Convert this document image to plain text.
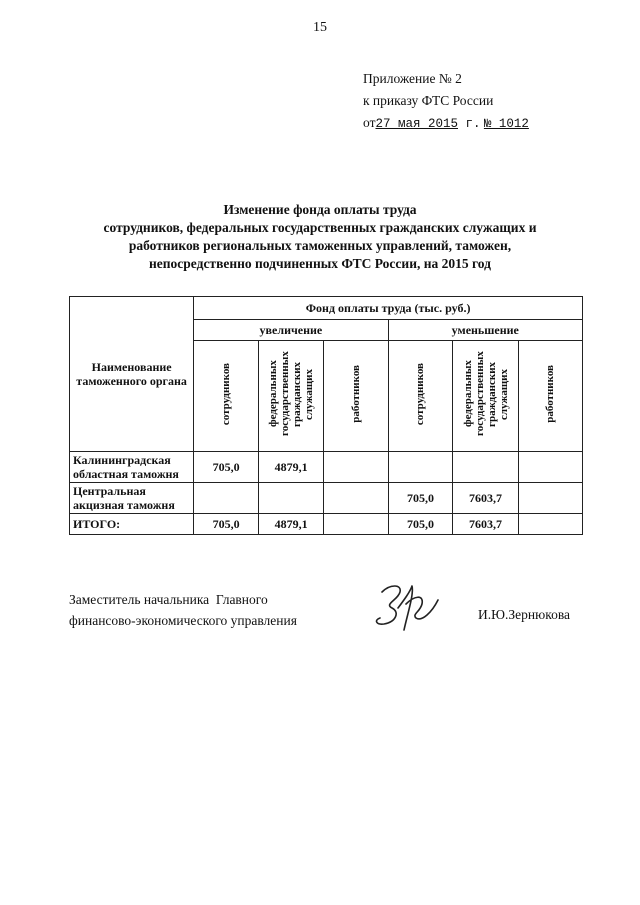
15
Приложение № 2
к приказу ФТС России
от27 мая 2015 г. № 1012
Изменение фонда оплаты труда
сотрудников, федеральных государственных гражданских служащих и
работников региональных таможенных управлений, таможен,
непосредственно подчиненных ФТС России, на 2015 год
Наименование таможенного органа	Фонд оплаты труда (тыс. руб.)					
	увеличение			уменьшение		
	сотрудников	федеральных государственных гражданских служащих	работников	сотрудников	федеральных государственных гражданских служащих	работников
Калининградская областная таможня	705,0	4879,1				
Центральная акцизная таможня				705,0	7603,7	
ИТОГО:	705,0	4879,1		705,0	7603,7	
Заместитель начальника  Главного
финансово-экономического управления	И.Ю.Зернюкова
